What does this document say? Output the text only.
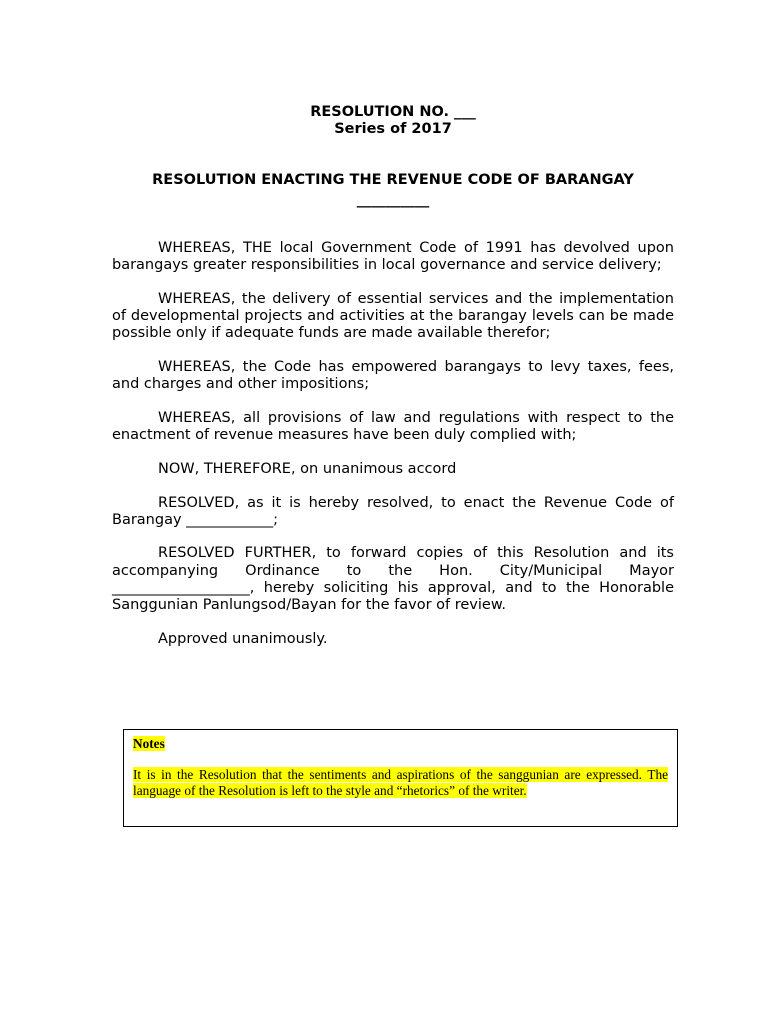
RESOLUTION NO. ___
Series of 2017
RESOLUTION ENACTING THE REVENUE CODE OF BARANGAY
__________

WHEREAS, THE local Government Code of 1991 has devolved upon barangays greater responsibilities in local governance and service delivery;

WHEREAS, the delivery of essential services and the implementation of developmental projects and activities at the barangay levels can be made possible only if adequate funds are made available therefor;

WHEREAS, the Code has empowered barangays to levy taxes, fees, and charges and other impositions;

WHEREAS, all provisions of law and regulations with respect to the enactment of revenue measures have been duly complied with;

NOW, THEREFORE, on unanimous accord

RESOLVED, as it is hereby resolved, to enact the Revenue Code of Barangay ____________;

RESOLVED FURTHER, to forward copies of this Resolution and its accompanying Ordinance to the Hon. City/Municipal Mayor ___________________, hereby soliciting his approval, and to the Honorable Sanggunian Panlungsod/Bayan for the favor of review.

Approved unanimously.

Notes

It is in the Resolution that the sentiments and aspirations of the sanggunian are expressed. The language of the Resolution is left to the style and “rhetorics” of the writer.
